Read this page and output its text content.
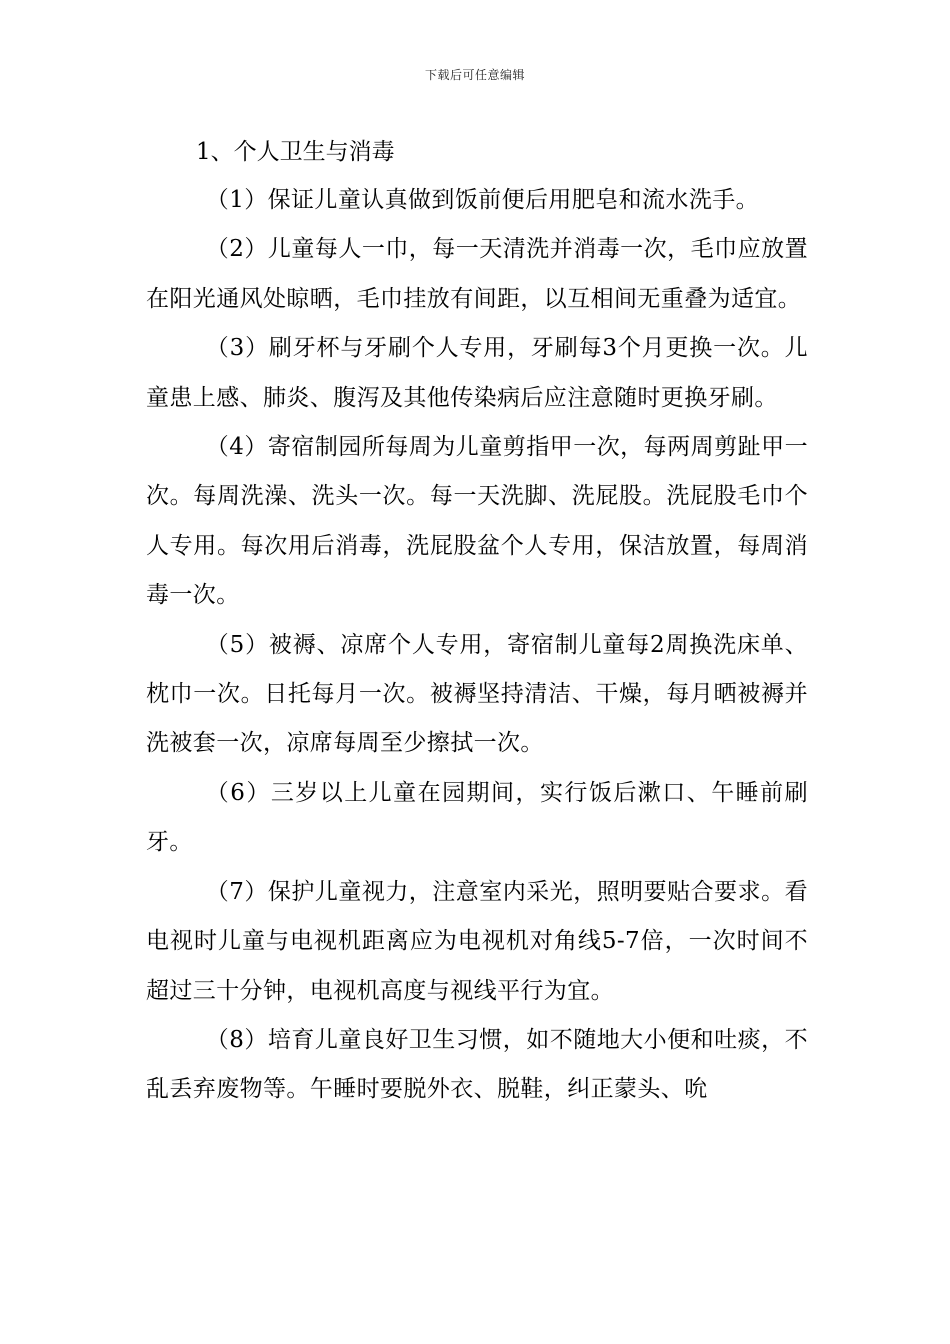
下载后可任意编辑

1、个人卫生与消毒

（1）保证儿童认真做到饭前便后用肥皂和流水洗手。

（2）儿童每人一巾，每一天清洗并消毒一次，毛巾应放置在阳光通风处晾晒，毛巾挂放有间距，以互相间无重叠为适宜。

（3）刷牙杯与牙刷个人专用，牙刷每3个月更换一次。儿童患上感、肺炎、腹泻及其他传染病后应注意随时更换牙刷。

（4）寄宿制园所每周为儿童剪指甲一次，每两周剪趾甲一次。每周洗澡、洗头一次。每一天洗脚、洗屁股。洗屁股毛巾个人专用。每次用后消毒，洗屁股盆个人专用，保洁放置，每周消毒一次。

（5）被褥、凉席个人专用，寄宿制儿童每2周换洗床单、枕巾一次。日托每月一次。被褥坚持清洁、干燥，每月晒被褥并洗被套一次，凉席每周至少擦拭一次。

（6）三岁以上儿童在园期间，实行饭后漱口、午睡前刷牙。

（7）保护儿童视力，注意室内采光，照明要贴合要求。看电视时儿童与电视机距离应为电视机对角线5-7倍，一次时间不超过三十分钟，电视机高度与视线平行为宜。

（8）培育儿童良好卫生习惯，如不随地大小便和吐痰，不乱丢弃废物等。午睡时要脱外衣、脱鞋，纠正蒙头、吮
